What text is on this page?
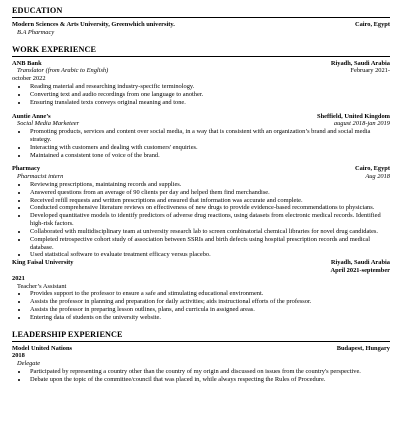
EDUCATION
Modern Sciences & Arts University, Greenwhich university.	Cairo, Egypt
B.A Pharmacy
WORK EXPERIENCE
ANB Bank	Riyadh, Saudi Arabia
Translator (from Arabic to English)	February 2021-
october 2022
• Reading material and researching industry-specific terminology.
• Converting text and audio recordings from one language to another.
• Ensuring translated texts conveys original meaning and tone.
Auntie Anne’s	Sheffield, United Kingdom
Social Media Marketeer	august 2018-jan 2019
• Promoting products, services and content over social media, in a way that is consistent with an organization’s brand and social media strategy.
• Interacting with customers and dealing with customers' enquiries.
• Maintained a consistent tone of voice of the brand.
Pharmacy	Cairo, Egypt
Pharmacist intern	Aug 2018
• Reviewing prescriptions, maintaining records and supplies.
• Answered questions from an average of 90 clients per day and helped them find merchandise.
• Received refill requests and written prescriptions and ensured that information was accurate and complete.
• Conducted comprehensive literature reviews on effectiveness of new drugs to provide evidence-based recommendations to physicians.
• Developed quantitative models to identify predictors of adverse drug reactions, using datasets from electronic medical records. Identified high-risk factors.
• Collaborated with multidisciplinary team at university research lab to screen combinatorial chemical libraries for novel drug candidates.
• Completed retrospective cohort study of association between SSRIs and birth defects using hospital prescription records and medical database.
• Used statistical software to evaluate treatment efficacy versus placebo.
King Faisal University	Riyadh, Saudi Arabia
April 2021-september
2021
Teacher’s Assistant
• Provides support to the professor to ensure a safe and stimulating educational environment.
• Assists the professor in planning and preparation for daily activities; aids instructional efforts of the professor.
• Assists the professor in preparing lesson outlines, plans, and curricula in assigned areas.
• Entering data of students on the university website.
LEADERSHIP EXPERIENCE
Model United Nations	Budapest, Hungary
2018
Delegate
• Participated by representing a country other than the country of my origin and discussed on issues from the country's perspective.
• Debate upon the topic of the committee/council that was placed in, while always respecting the Rules of Procedure.
